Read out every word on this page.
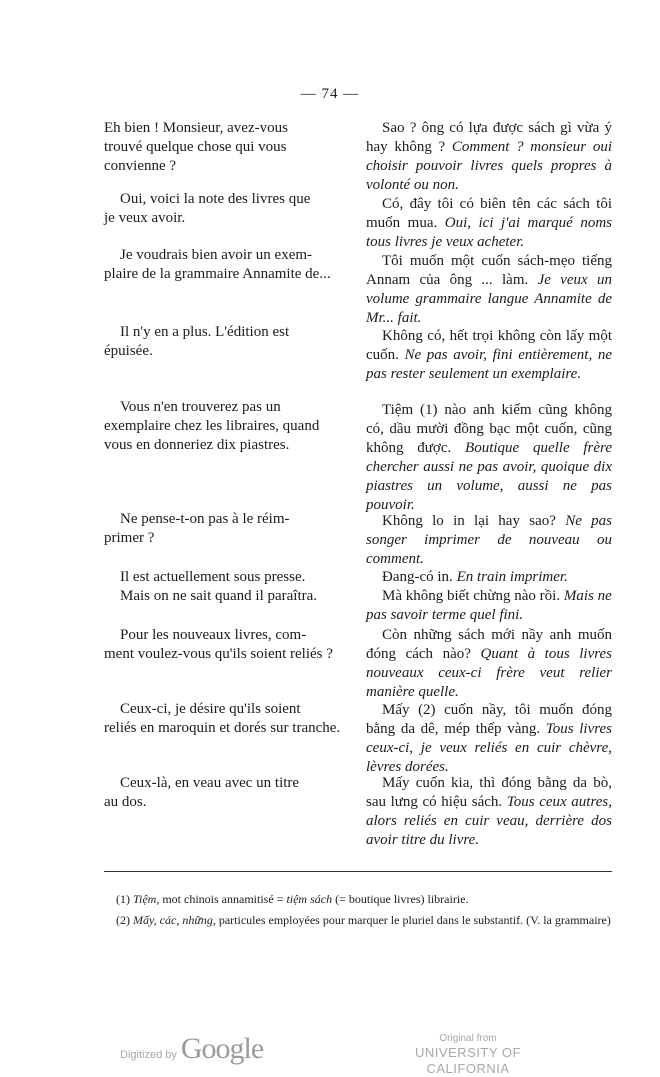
— 74 —

Eh bien ! Monsieur, avez-vous
trouvé quelque chose qui vous convienne ?

Oui, voici la note des livres que
je veux avoir.

Je voudrais bien avoir un exem-
plaire de la grammaire Annamite de...

Il n'y en a plus. L'édition est
épuisée.

Vous n'en trouverez pas un
exemplaire chez les libraires, quand vous en donneriez dix piastres.

Ne pense-t-on pas à le réim-
primer ?

Il est actuellement sous presse.
Mais on ne sait quand il paraîtra.

Pour les nouveaux livres, com-
ment voulez-vous qu'ils soient reliés ?

Ceux-ci, je désire qu'ils soient
reliés en maroquin et dorés sur tranche.

Ceux-là, en veau avec un titre
au dos.

Sao ? ông có lựa được sách gì vừa ý hay không ? Comment ? monsieur oui choisir pouvoir livres quels propres à volonté ou non.

Có, đây tôi có biên tên các sách tôi muốn mua. Oui, ici j'ai marqué noms tous livres je veux acheter.

Tôi muốn một cuốn sách-mẹo tiếng Annam của ông ... làm. Je veux un volume grammaire langue Annamite de Mr... fait.

Không có, hết trọi không còn lấy một cuốn. Ne pas avoir, fini entièrement, ne pas rester seulement un exemplaire.

Tiệm (1) nào anh kiếm cũng không có, dầu mười đồng bạc một cuốn, cũng không được. Boutique quelle frère chercher aussi ne pas avoir, quoique dix piastres un volume, aussi ne pas pouvoir.

Không lo in lại hay sao? Ne pas songer imprimer de nouveau ou comment.

Đang-có in. En train imprimer.

Mà không biết chừng nào rồi. Mais ne pas savoir terme quel fini.

Còn những sách mới nầy anh muốn đóng cách nào? Quant à tous livres nouveaux ceux-ci frère veut relier manière quelle.

Mấy (2) cuốn nầy, tôi muốn đóng bằng da dê, mép thếp vàng. Tous livres ceux-ci, je veux reliés en cuir chèvre, lèvres dorées.

Mấy cuốn kia, thì đóng bằng da bò, sau lưng có hiệu sách. Tous ceux autres, alors reliés en cuir veau, derrière dos avoir titre du livre.

(1) Tiệm, mot chinois annamitisé = tiệm sách (= boutique livres) librairie.

(2) Mấy, các, những, particules employées pour marquer le pluriel dans le substantif. (V. la grammaire)

Digitized by Google	Original from
UNIVERSITY OF CALIFORNIA
